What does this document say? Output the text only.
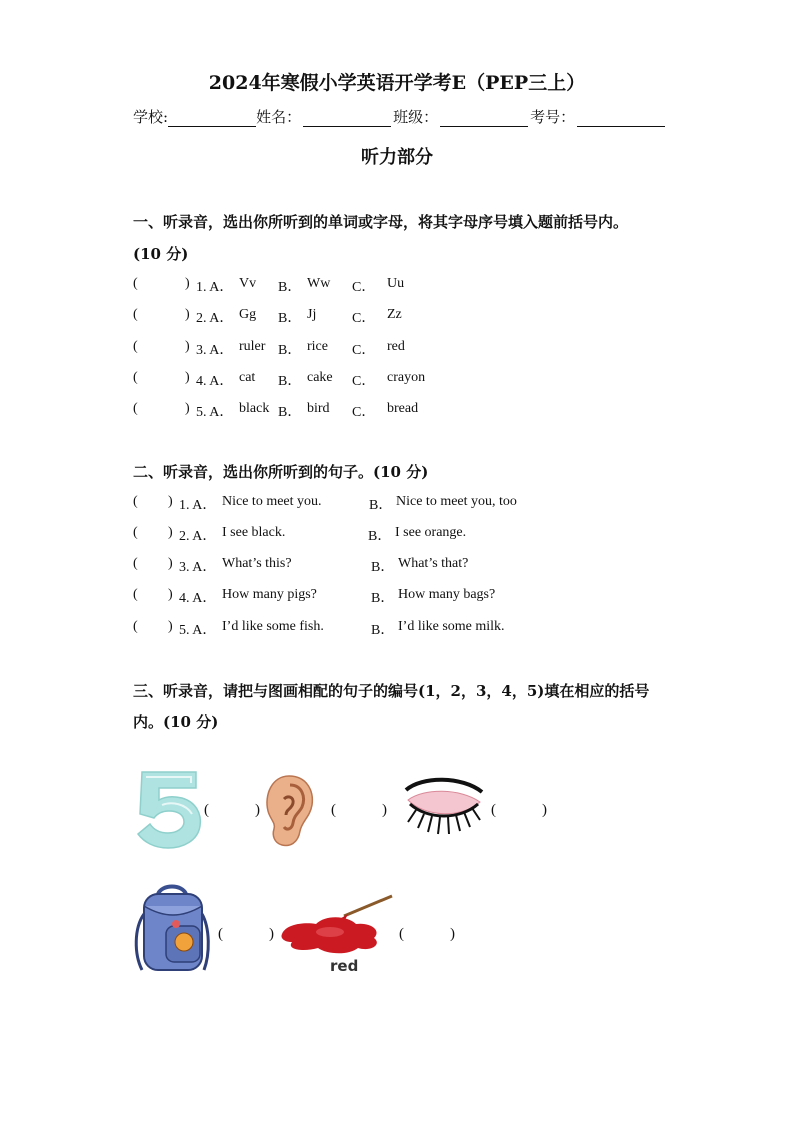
2024年寒假小学英语开学考E（PEP三上）
学校:	姓名：	班级：	考号：
听力部分
一、听录音，选出你所听到的单词或字母，将其字母序号填入题前括号内。
(10 分)
(	) 1. A． Vv B． Ww C． Uu
(	) 2. A． Gg B． Jj	C． Zz
(	) 3. A． ruler B． rice C． red
(	) 4. A． cat B． cake C． crayon
(	) 5. A． black B． bird C． bread
二、听录音，选出你所听到的句子。(10 分)
( ) 1. A． Nice to meet you.	B． Nice to meet you, too
( ) 2. A． I see black.	B． I see orange.
( ) 3. A． What’s this?	B． What’s that?
( ) 4. A． How many pigs?	B． How many bags?
( ) 5. A． I’d like some fish.	B． I’d like some milk.
三、听录音，请把与图画相配的句子的编号(1，2，3，4，5)填在相应的括号
内。(10 分)
(	)	(	)	(	)
(	)
red
(	)
